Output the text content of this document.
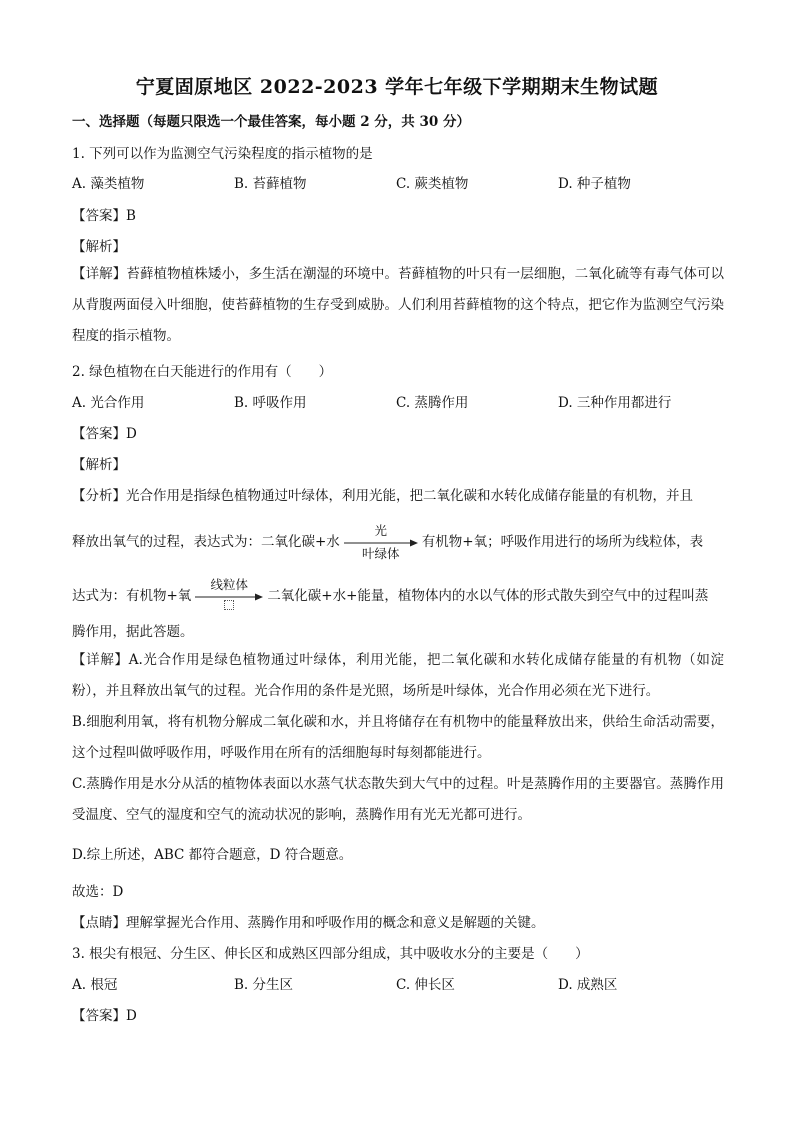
宁夏固原地区 2022-2023 学年七年级下学期期末生物试题
一、选择题（每题只限选一个最佳答案，每小题 2 分，共 30 分）
1. 下列可以作为监测空气污染程度的指示植物的是
A. 藻类植物	B. 苔藓植物	C. 蕨类植物	D. 种子植物
【答案】B
【解析】
【详解】苔藓植物植株矮小，多生活在潮湿的环境中。苔藓植物的叶只有一层细胞，二氧化硫等有毒气体可以从背腹两面侵入叶细胞，使苔藓植物的生存受到威胁。人们利用苔藓植物的这个特点，把它作为监测空气污染程度的指示植物。
2. 绿色植物在白天能进行的作用有（　　）
A. 光合作用	B. 呼吸作用	C. 蒸腾作用	D. 三种作用都进行
【答案】D
【解析】
【分析】光合作用是指绿色植物通过叶绿体，利用光能，把二氧化碳和水转化成储存能量的有机物，并且
释放出氧气的过程，表达式为：二氧化碳+水
光
叶绿体
有机物+氧；呼吸作用进行的场所为线粒体，表
达式为：有机物+氧
线粒体
二氧化碳+水+能量，植物体内的水以气体的形式散失到空气中的过程叫蒸
腾作用，据此答题。
【详解】A.光合作用是绿色植物通过叶绿体，利用光能，把二氧化碳和水转化成储存能量的有机物（如淀粉），并且释放出氧气的过程。光合作用的条件是光照，场所是叶绿体，光合作用必须在光下进行。
B.细胞利用氧，将有机物分解成二氧化碳和水，并且将储存在有机物中的能量释放出来，供给生命活动需要，这个过程叫做呼吸作用，呼吸作用在所有的活细胞每时每刻都能进行。
C.蒸腾作用是水分从活的植物体表面以水蒸气状态散失到大气中的过程。叶是蒸腾作用的主要器官。蒸腾作用受温度、空气的湿度和空气的流动状况的影响，蒸腾作用有光无光都可进行。
D.综上所述，ABC 都符合题意，D 符合题意。
故选：D
【点睛】理解掌握光合作用、蒸腾作用和呼吸作用的概念和意义是解题的关键。
3. 根尖有根冠、分生区、伸长区和成熟区四部分组成，其中吸收水分的主要是（　　）
A. 根冠	B. 分生区	C. 伸长区	D. 成熟区
【答案】D
